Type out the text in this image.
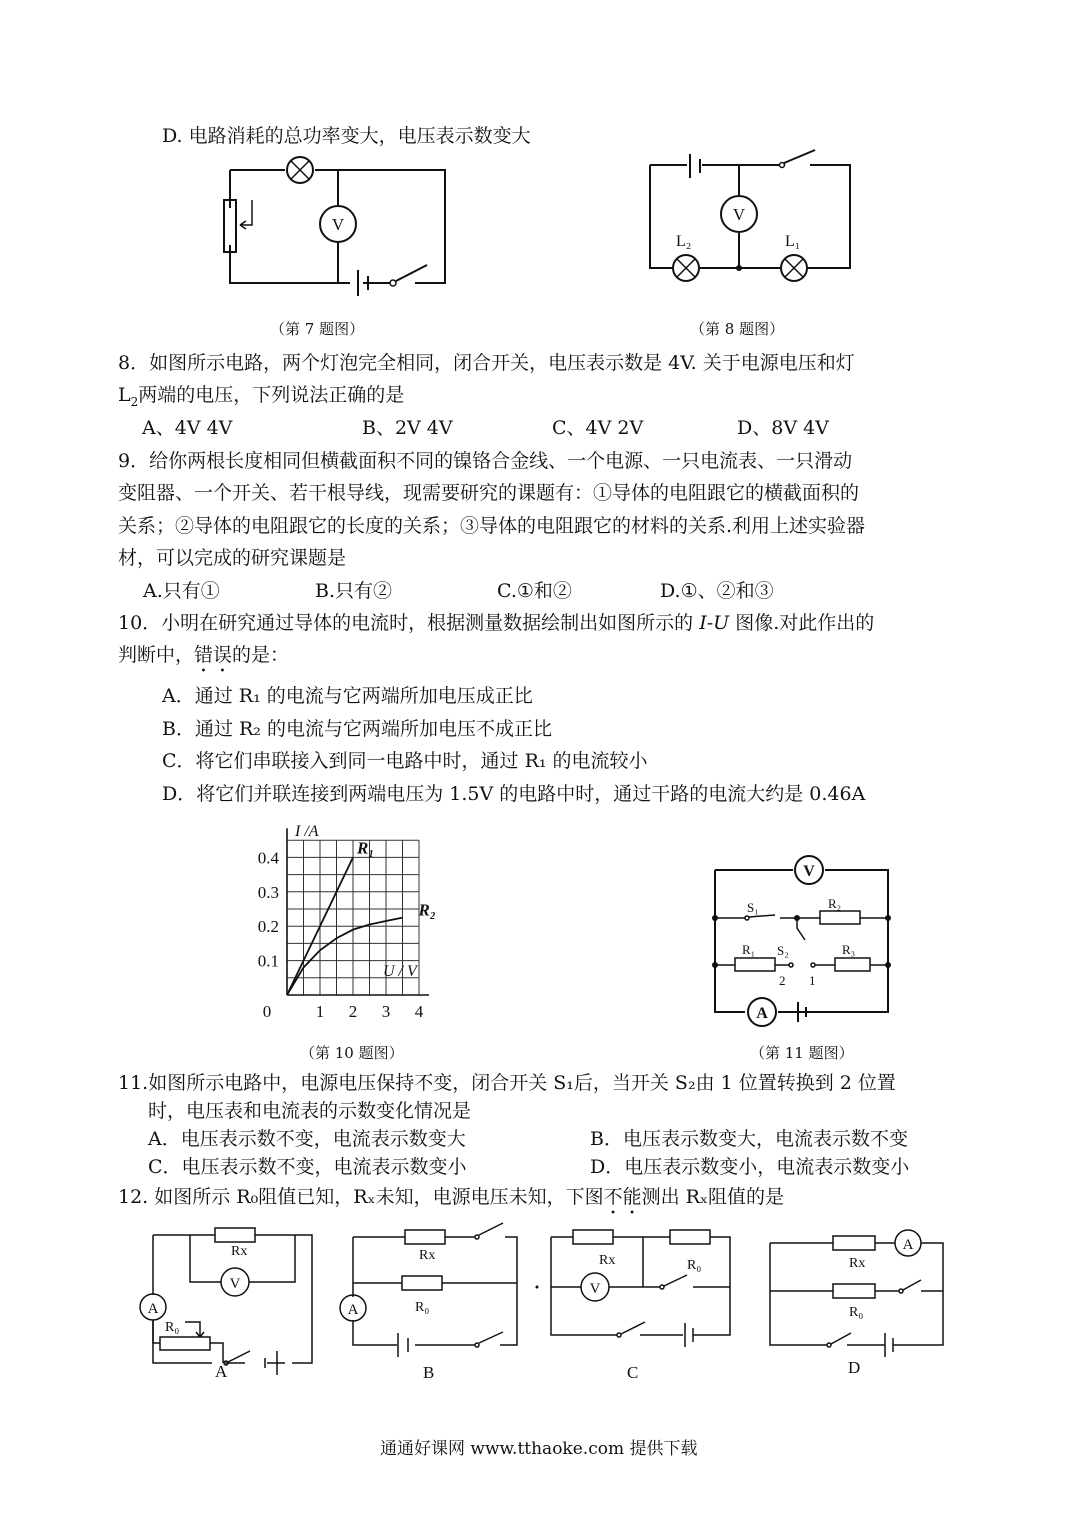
D. 电路消耗的总功率变大，电压表示数变大
V
（第 7 题图）
V
L₂	L₁
（第 8 题图）
8．如图所示电路，两个灯泡完全相同，闭合开关，电压表示数是 4V. 关于电源电压和灯
$L_2$两端的电压，下列说法正确的是
A、4V 4V	B、2V 4V	C、4V 2V	D、8V 4V
9．给你两根长度相同但横截面积不同的镍铬合金线、一个电源、一只电流表、一只滑动
变阻器、一个开关、若干根导线，现需要研究的课题有：①导体的电阻跟它的横截面积的
关系；②导体的电阻跟它的长度的关系；③导体的电阻跟它的材料的关系.利用上述实验器
材，可以完成的研究课题是
A.只有①	B.只有②	C.①和②	D.①、②和③
10．小明在研究通过导体的电流时，根据测量数据绘制出如图所示的 I-U 图像.对此作出的
判断中，错误的是：
A．通过 R₁ 的电流与它两端所加电压成正比
B．通过 R₂ 的电流与它两端所加电压不成正比
C．将它们串联接入到同一电路中时，通过 R₁ 的电流较小
D．将它们并联连接到两端电压为 1.5V 的电路中时，通过干路的电流大约是 0.46A
0	1 2 3 4
0.1
0.2
0.3
0.4
I /A
U / V
R₁
R₂
（第 10 题图）
V
A
S₁	R₂
S₂
R₁	R₃
2 1
（第 11 题图）
11.如图所示电路中，电源电压保持不变，闭合开关 S₁后，当开关 S₂由 1 位置转换到 2 位置
时，电压表和电流表的示数变化情况是
A．电压表示数不变，电流表示数变大	B．电压表示数变大，电流表示数不变
C．电压表示数不变，电流表示数变小	D．电压表示数变小，电流表示数变小
12. 如图所示 R₀阻值已知，Rₓ未知，电源电压未知，下图不能测出 Rₓ阻值的是
V
A
Rx
R₀
A
A
Rx
R₀
B
V
Rx	R₀
C
A
Rx
R₀
D
通通好课网 www.tthaoke.com 提供下载
